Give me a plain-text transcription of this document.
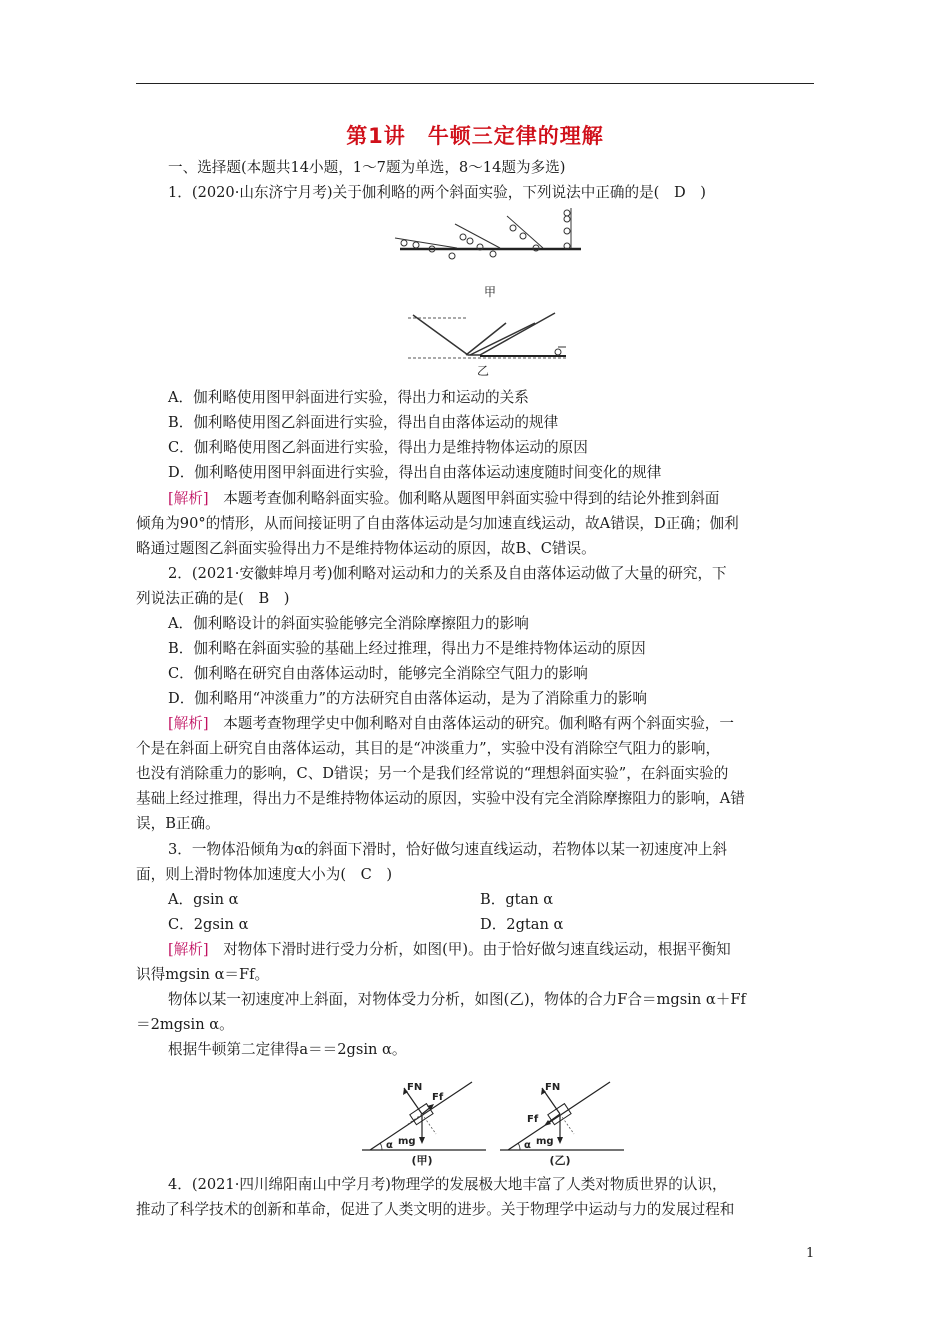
第1讲　牛顿三定律的理解
一、选择题(本题共14小题，1～7题为单选，8～14题为多选)
1．(2020·山东济宁月考)关于伽利略的两个斜面实验，下列说法中正确的是(　D　)
甲
乙
A．伽利略使用图甲斜面进行实验，得出力和运动的关系
B．伽利略使用图乙斜面进行实验，得出自由落体运动的规律
C．伽利略使用图乙斜面进行实验，得出力是维持物体运动的原因
D．伽利略使用图甲斜面进行实验，得出自由落体运动速度随时间变化的规律
[解析]　 本题考查伽利略斜面实验。伽利略从题图甲斜面实验中得到的结论外推到斜面
倾角为90°的情形，从而间接证明了自由落体运动是匀加速直线运动，故A错误，D正确；伽利
略通过题图乙斜面实验得出力不是维持物体运动的原因，故B、C错误。
2．(2021·安徽蚌埠月考)伽利略对运动和力的关系及自由落体运动做了大量的研究，下
列说法正确的是(　B　)
A．伽利略设计的斜面实验能够完全消除摩擦阻力的影响
B．伽利略在斜面实验的基础上经过推理，得出力不是维持物体运动的原因
C．伽利略在研究自由落体运动时，能够完全消除空气阻力的影响
D．伽利略用“冲淡重力”的方法研究自由落体运动，是为了消除重力的影响
[解析]　 本题考查物理学史中伽利略对自由落体运动的研究。伽利略有两个斜面实验，一
个是在斜面上研究自由落体运动，其目的是“冲淡重力”，实验中没有消除空气阻力的影响，
也没有消除重力的影响，C、D错误；另一个是我们经常说的“理想斜面实验”，在斜面实验的
基础上经过推理，得出力不是维持物体运动的原因，实验中没有完全消除摩擦阻力的影响，A错
误，B正确。
3．一物体沿倾角为α的斜面下滑时，恰好做匀速直线运动，若物体以某一初速度冲上斜
面，则上滑时物体加速度大小为(　C　)
A．gsin α	B．gtan α
C．2gsin α	D．2gtan α
[解析]　 对物体下滑时进行受力分析，如图(甲)。由于恰好做匀速直线运动，根据平衡知
识得mgsin α＝Ff。
物体以某一初速度冲上斜面，对物体受力分析，如图(乙)，物体的合力F合＝mgsin α＋Ff
＝2mgsin α。
根据牛顿第二定律得a＝＝2gsin α。
α
FN
Ff
mg
(甲)
α
FN
Ff
mg
(乙)
4．(2021·四川绵阳南山中学月考)物理学的发展极大地丰富了人类对物质世界的认识，
推动了科学技术的创新和革命，促进了人类文明的进步。关于物理学中运动与力的发展过程和
1
